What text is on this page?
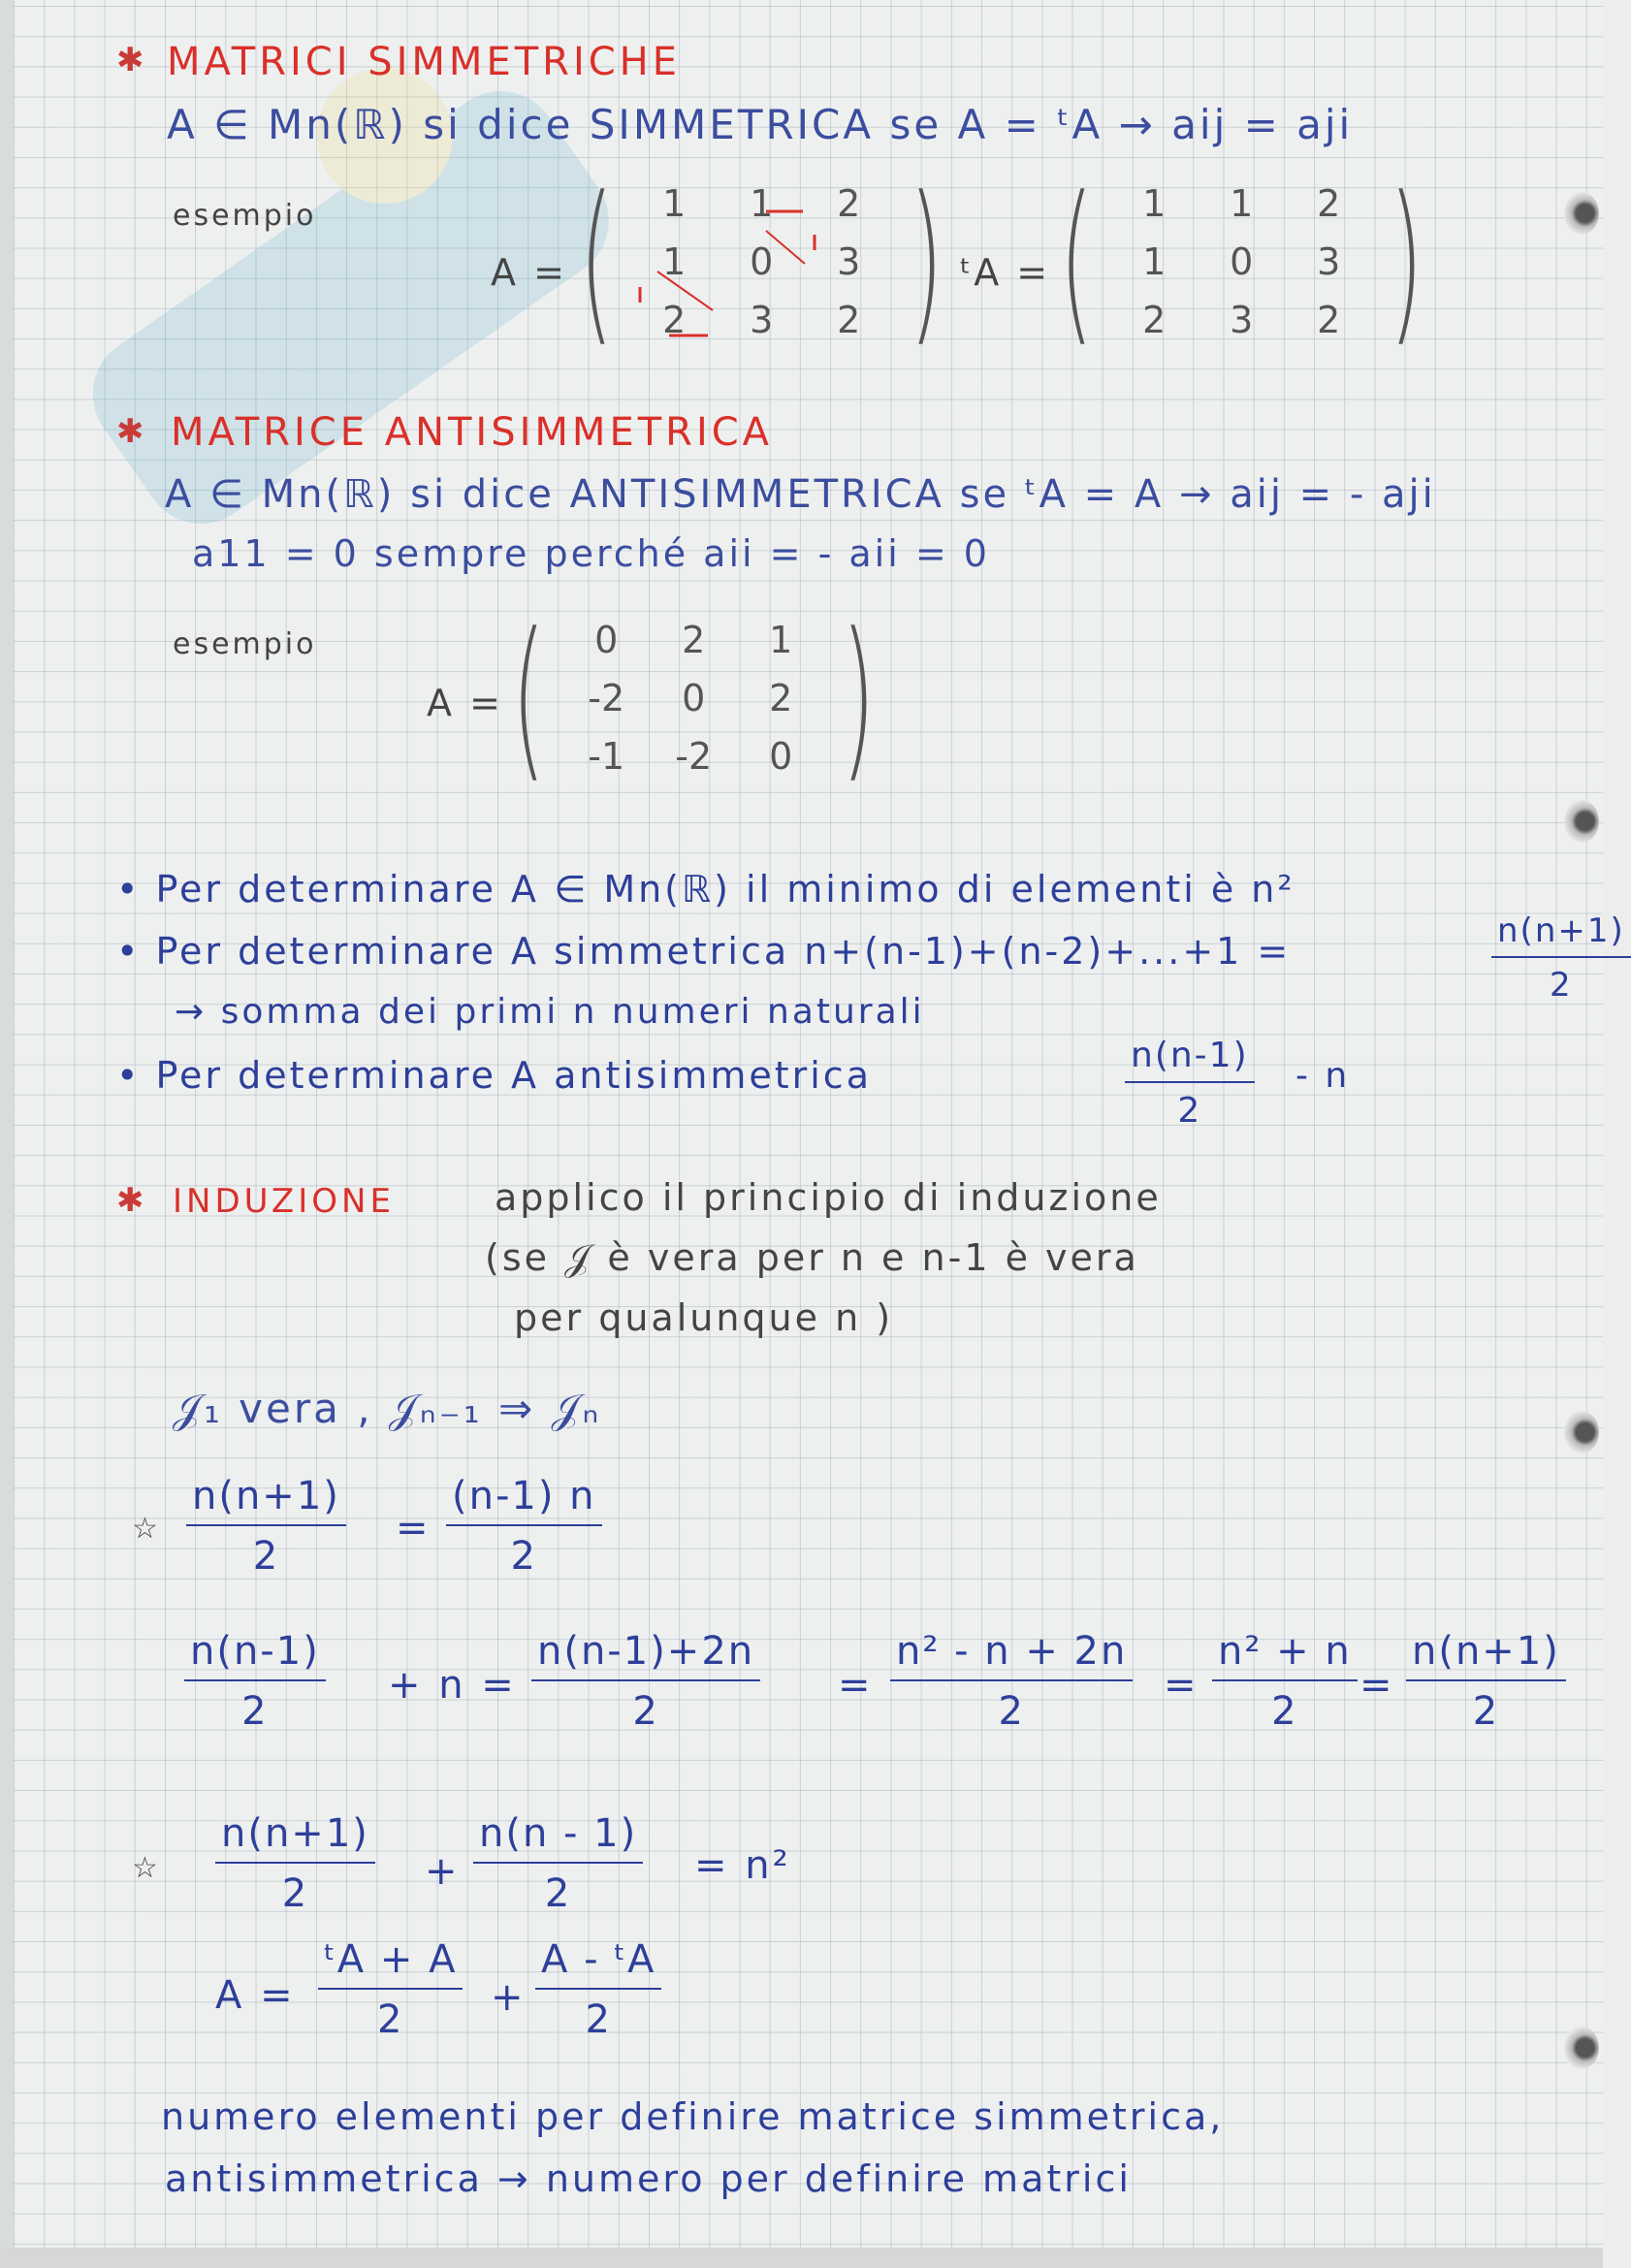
✱ MATRICI SIMMETRICHE
A ∈ Mn(ℝ) si dice SIMMETRICA se A = ᵗA → aij = aji
esempio
A = ( 1 1 2
1 0 3
2 3 2 ) ᵗA = ( 1 1 2
1 0 3
2 3 2 )
✱ MATRICE ANTISIMMETRICA
A ∈ Mn(ℝ) si dice ANTISIMMETRICA se ᵗA = A → aij = - aji
a11 = 0 sempre perché aii = - aii = 0
esempio
A = ( 0 2 1
-2 0 2
-1 -2 0 )
• Per determinare A ∈ Mn(ℝ) il minimo di elementi è n²
• Per determinare A simmetrica n+(n-1)+(n-2)+...+1 =	$\frac{n(n+1)}{2}$
→ somma dei primi n numeri naturali
• Per determinare A antisimmetrica	$\frac{n(n-1)}{2}$ - n
✱ INDUZIONE	applico il principio di induzione
(se 𝒥 è vera per n e n-1 è vera
per qualunque n )
𝒥₁ vera , 𝒥ₙ₋₁ ⇒ 𝒥ₙ
☆ $\frac{n(n+1)}{2} = \frac{(n-1) n}{2}$
$\frac{n(n-1)}{2} + n = \frac{n(n-1)+2n}{2} = \frac{\text{n² - n + 2n}}{2} = \frac{\text{n² + n}}{2} = \frac{n(n+1)}{2}$
☆ $\frac{n(n+1)}{2} + \frac{n(n - 1)}{2} = n^2$
$A = \frac{\text{ᵗA + A}}{2} + \frac{\text{A - ᵗA}}{2}$
numero elementi per definire matrice simmetrica,
antisimmetrica → numero per definire matrici
